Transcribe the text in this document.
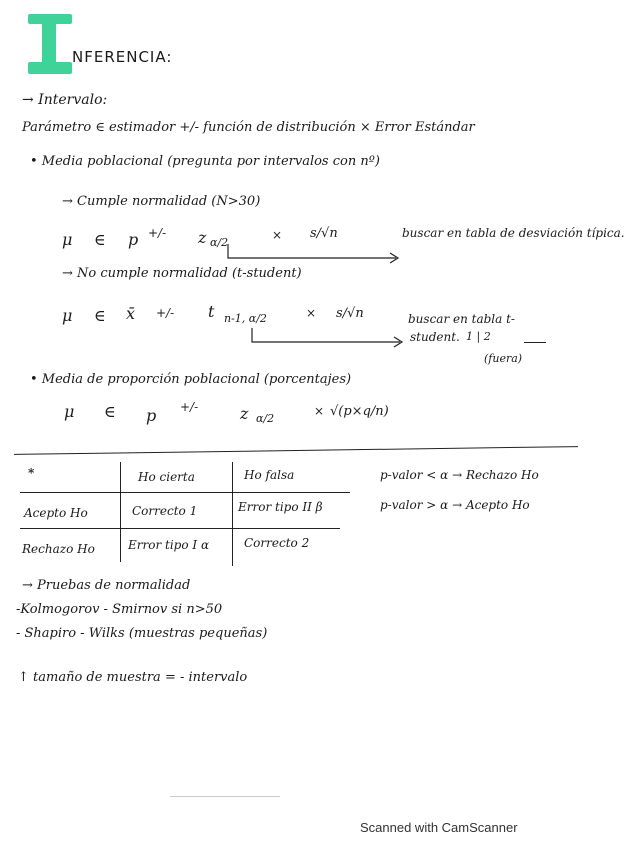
NFERENCIA:
→ Intervalo:
Parámetro ∈ estimador +/- función de distribución × Error Estándar
• Media poblacional (pregunta por intervalos con nº)
→ Cumple normalidad (N>30)
μ ∈ p +/- z α/2
× s/√n	buscar en tabla de desviación típica.
→ No cumple normalidad (t-student)
μ ∈ x̄ +/- t n-1, α/2	× s/√n	buscar en tabla t-
student. 1 | 2
(fuera)
• Media de proporción poblacional (porcentajes)
μ ∈ p +/-	z α/2
× √(p×q/n)
*	Ho cierta	Ho falsa
Acepto Ho	Correcto 1	Error tipo II β
Rechazo Ho	Error tipo I α	Correcto 2
p-valor < α → Rechazo Ho
p-valor > α → Acepto Ho
→ Pruebas de normalidad
-Kolmogorov - Smirnov si n>50
- Shapiro - Wilks (muestras pequeñas)
↑ tamaño de muestra = - intervalo
Scanned with CamScanner
